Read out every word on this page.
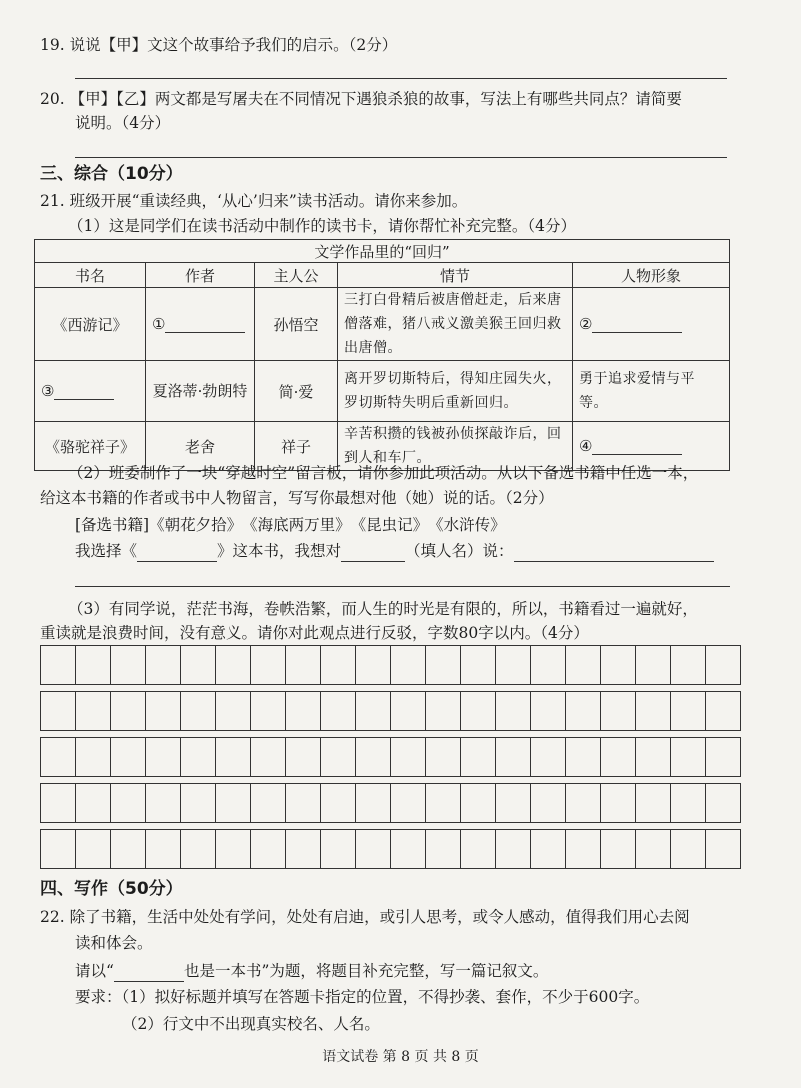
19. 说说【甲】文这个故事给予我们的启示。（2分）
20. 【甲】【乙】两文都是写屠夫在不同情况下遇狼杀狼的故事，写法上有哪些共同点？请简要
说明。（4分）
三、综合（10分）
21. 班级开展“重读经典，‘从心’归来”读书活动。请你来参加。
（1）这是同学们在读书活动中制作的读书卡，请你帮忙补充完整。（4分）
文学作品里的“回归”				
书名	作者	主人公	情节	人物形象
《西游记》	①	孙悟空	三打白骨精后被唐僧赶走，后来唐僧落难，猪八戒义激美猴王回归救出唐僧。	②
③	夏洛蒂·勃朗特	简·爱	离开罗切斯特后，得知庄园失火，罗切斯特失明后重新回归。	勇于追求爱情与平等。
《骆驼祥子》	老舍	祥子	辛苦积攒的钱被孙侦探敲诈后，回到人和车厂。	④
（2）班委制作了一块“穿越时空”留言板，请你参加此项活动。从以下备选书籍中任选一本，
给这本书籍的作者或书中人物留言，写写你最想对他（她）说的话。（2分）
[备选书籍]《朝花夕拾》　《海底两万里》　《昆虫记》　《水浒传》
我选择《	》这本书，我想对	（填人名）说：
（3）有同学说，茫茫书海，卷帙浩繁，而人生的时光是有限的，所以，书籍看过一遍就好，
重读就是浪费时间，没有意义。请你对此观点进行反驳，字数80字以内。（4分）
四、写作（50分）
22. 除了书籍，生活中处处有学问，处处有启迪，或引人思考，或令人感动，值得我们用心去阅
读和体会。
请以“	也是一本书”为题，将题目补充完整，写一篇记叙文。
要求：（1）拟好标题并填写在答题卡指定的位置，不得抄袭、套作，不少于600字。
（2）行文中不出现真实校名、人名。
语文试卷 第 8 页 共 8 页
